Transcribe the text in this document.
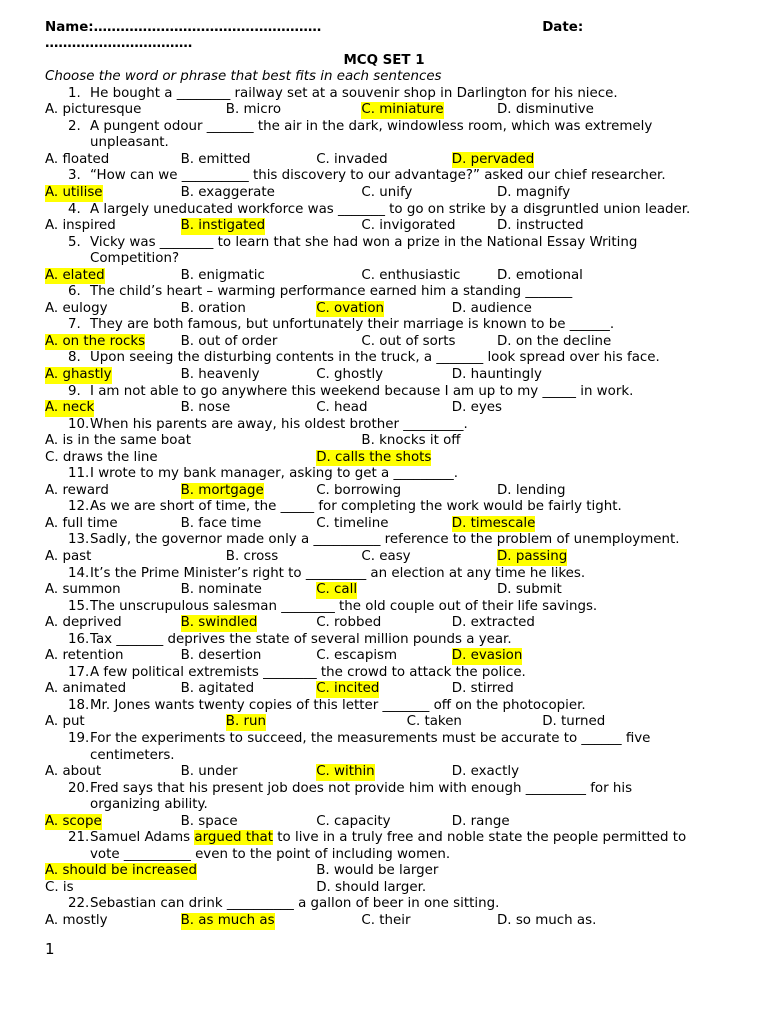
Name:……………………………………………	Date:
……………………………
MCQ SET 1
Choose the word or phrase that best fits in each sentences
1. He bought a ________ railway set at a souvenir shop in Darlington for his niece.
A. picturesque	B. micro	C. miniature	D. disminutive
2. A pungent odour _______ the air in the dark, windowless room, which was extremely
unpleasant.
A. floated	B. emitted	C. invaded	D. pervaded
3. “How can we __________ this discovery to our advantage?” asked our chief researcher.
A. utilise	B. exaggerate	C. unify	D. magnify
4. A largely uneducated workforce was _______ to go on strike by a disgruntled union leader.
A. inspired	B. instigated	C. invigorated	D. instructed
5. Vicky was ________ to learn that she had won a prize in the National Essay Writing
Competition?
A. elated	B. enigmatic	C. enthusiastic	D. emotional
6. The child’s heart – warming performance earned him a standing _______
A. eulogy	B. oration	C. ovation	D. audience
7. They are both famous, but unfortunately their marriage is known to be ______.
A. on the rocks	B. out of order	C. out of sorts	D. on the decline
8. Upon seeing the disturbing contents in the truck, a _______ look spread over his face.
A. ghastly	B. heavenly	C. ghostly	D. hauntingly
9. I am not able to go anywhere this weekend because I am up to my _____ in work.
A. neck	B. nose	C. head	D. eyes
10. When his parents are away, his oldest brother _________.
A. is in the same boat	B. knocks it off
C. draws the line	D. calls the shots
11. I wrote to my bank manager, asking to get a _________.
A. reward	B. mortgage	C. borrowing	D. lending
12. As we are short of time, the _____ for completing the work would be fairly tight.
A. full time	B. face time	C. timeline	D. timescale
13. Sadly, the governor made only a __________ reference to the problem of unemployment.
A. past	B. cross	C. easy	D. passing
14. It’s the Prime Minister’s right to _________ an election at any time he likes.
A. summon	B. nominate	C. call	D. submit
15. The unscrupulous salesman ________ the old couple out of their life savings.
A. deprived	B. swindled	C. robbed	D. extracted
16. Tax _______ deprives the state of several million pounds a year.
A. retention	B. desertion	C. escapism	D. evasion
17. A few political extremists ________ the crowd to attack the police.
A. animated	B. agitated	C. incited	D. stirred
18. Mr. Jones wants twenty copies of this letter _______ off on the photocopier.
A. put	B. run	C. taken	D. turned
19. For the experiments to succeed, the measurements must be accurate to ______ five
centimeters.
A. about	B. under	C. within	D. exactly
20. Fred says that his present job does not provide him with enough _________ for his
organizing ability.
A. scope	B. space	C. capacity	D. range
21. Samuel Adams argued that to live in a truly free and noble state the people permitted to
vote __________ even to the point of including women.
A. should be increased	B. would be larger
C. is	D. should larger.
22. Sebastian can drink __________ a gallon of beer in one sitting.
A. mostly	B. as much as	C. their	D. so much as.
1
